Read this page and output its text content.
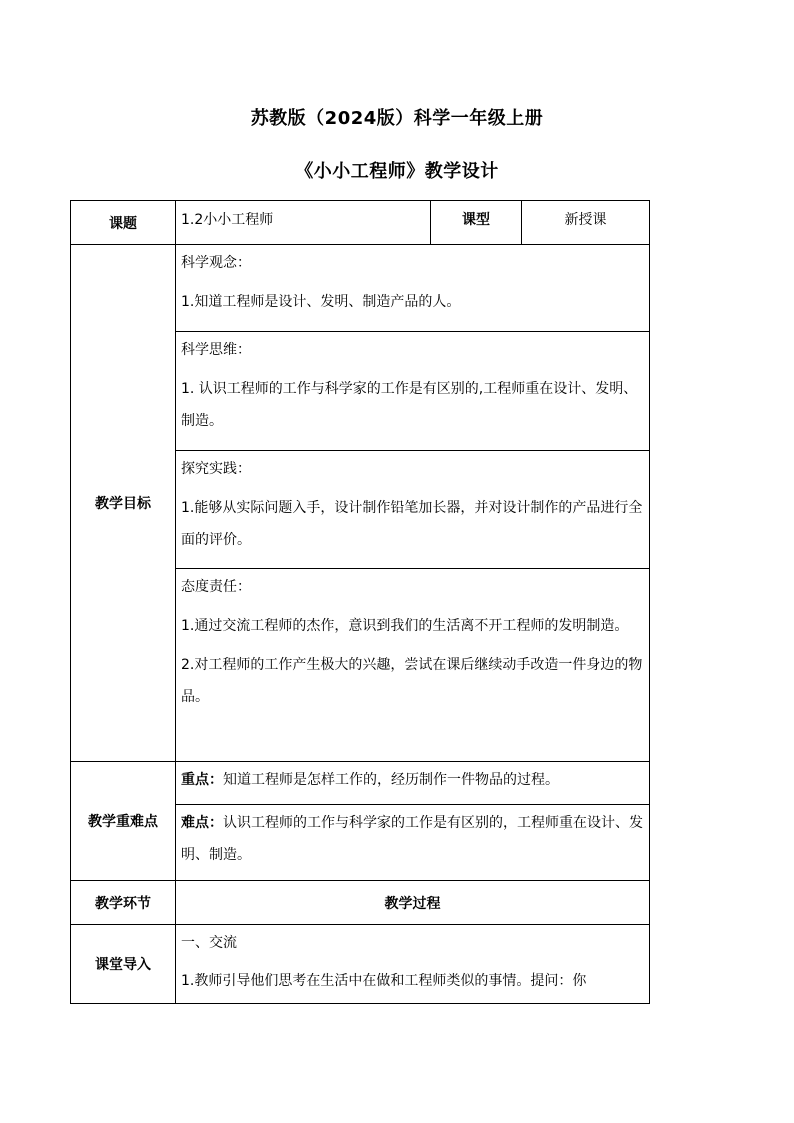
苏教版（2024版）科学一年级上册
《小小工程师》教学设计
课题	1.2小小工程师	课型	新授课
教学目标	科学观念：
1.知道工程师是设计、发明、制造产品的人。		

	科学思维：
1. 认识工程师的工作与科学家的工作是有区别的,工程师重在设计、发明、制造。		

	探究实践：
1.能够从实际问题入手，设计制作铅笔加长器，并对设计制作的产品进行全面的评价。		

	态度责任：
1.通过交流工程师的杰作，意识到我们的生活离不开工程师的发明制造。
2.对工程师的工作产生极大的兴趣，尝试在课后继续动手改造一件身边的物品。		

教学重难点	重点：知道工程师是怎样工作的，经历制作一件物品的过程。		

	难点：认识工程师的工作与科学家的工作是有区别的，工程师重在设计、发明、制造。		

教学环节	教学过程		
课堂导入	一、交流
1.教师引导他们思考在生活中在做和工程师类似的事情。提问：你		
